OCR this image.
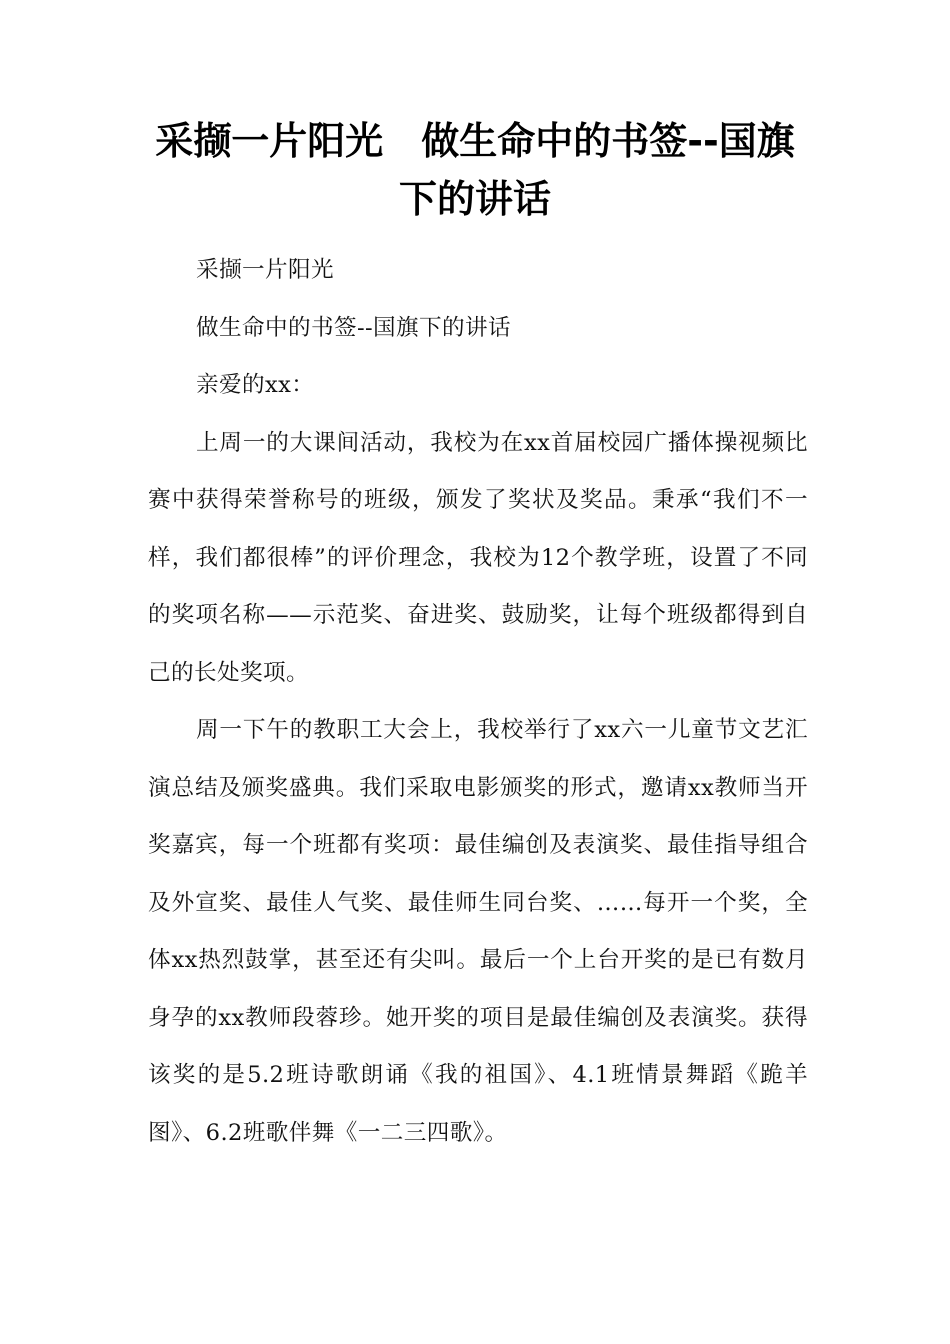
采撷一片阳光　做生命中的书签--国旗
下的讲话

采撷一片阳光

做生命中的书签--国旗下的讲话

亲爱的xx：

上周一的大课间活动，我校为在xx首届校园广播体操视频比赛中获得荣誉称号的班级，颁发了奖状及奖品。秉承“我们不一样，我们都很棒”的评价理念，我校为12个教学班，设置了不同的奖项名称——示范奖、奋进奖、鼓励奖，让每个班级都得到自己的长处奖项。

周一下午的教职工大会上，我校举行了xx六一儿童节文艺汇演总结及颁奖盛典。我们采取电影颁奖的形式，邀请xx教师当开奖嘉宾，每一个班都有奖项：最佳编创及表演奖、最佳指导组合及外宣奖、最佳人气奖、最佳师生同台奖、……每开一个奖，全体xx热烈鼓掌，甚至还有尖叫。最后一个上台开奖的是已有数月身孕的xx教师段蓉珍。她开奖的项目是最佳编创及表演奖。获得该奖的是5.2班诗歌朗诵《我的祖国》、4.1班情景舞蹈《跪羊图》、6.2班歌伴舞《一二三四歌》。
